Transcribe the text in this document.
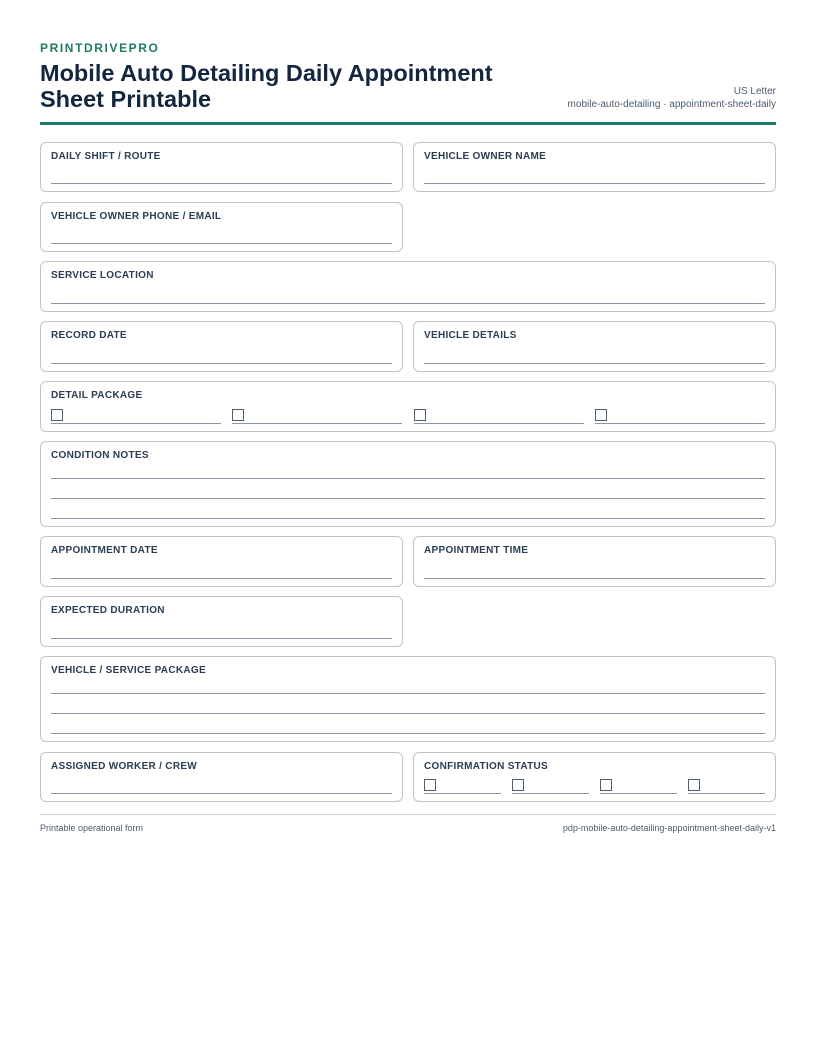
PRINTDRIVEPRO
Mobile Auto Detailing Daily Appointment Sheet Printable	US Letter
mobile-auto-detailing · appointment-sheet-daily
DAILY SHIFT / ROUTE	VEHICLE OWNER NAME
VEHICLE OWNER PHONE / EMAIL
SERVICE LOCATION
RECORD DATE	VEHICLE DETAILS
DETAIL PACKAGE
CONDITION NOTES
APPOINTMENT DATE	APPOINTMENT TIME
EXPECTED DURATION
VEHICLE / SERVICE PACKAGE
ASSIGNED WORKER / CREW	CONFIRMATION STATUS
Printable operational form	pdp-mobile-auto-detailing-appointment-sheet-daily-v1
